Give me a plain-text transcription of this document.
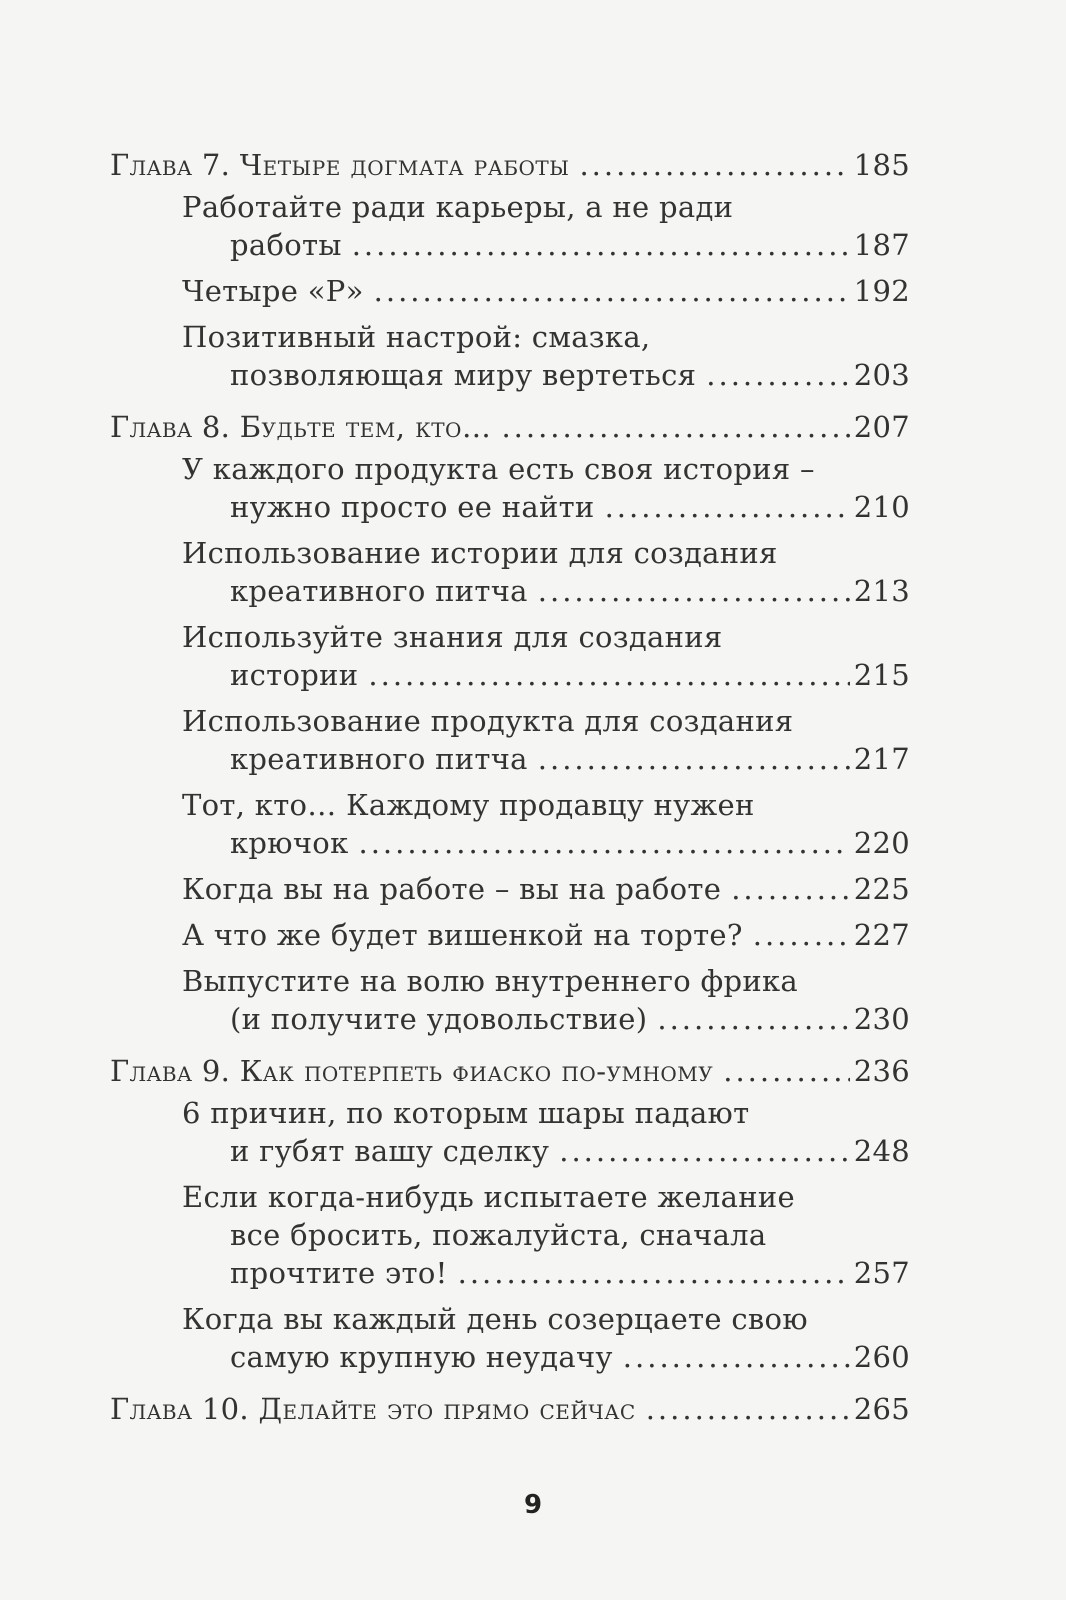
Глава 7. Четыре догмата работы .....	185
Работайте ради карьеры, а не ради
работы .....	187
Четыре «Р» .....	192
Позитивный настрой: смазка,
позволяющая миру вертеться .....	203
Глава 8. Будьте тем, кто… .....	207
У каждого продукта есть своя история –
нужно просто ее найти .....	210
Использование истории для создания
креативного питча .....	213
Используйте знания для создания
истории .....	215
Использование продукта для создания
креативного питча .....	217
Тот, кто… Каждому продавцу нужен
крючок .....	220
Когда вы на работе – вы на работе .....	225
А что же будет вишенкой на торте? .....	227
Выпустите на волю внутреннего фрика
(и получите удовольствие) .....	230
Глава 9. Как потерпеть фиаско по-умному .....	236
6 причин, по которым шары падают
и губят вашу сделку .....	248
Если когда-нибудь испытаете желание
все бросить, пожалуйста, сначала
прочтите это! .....	257
Когда вы каждый день созерцаете свою
самую крупную неудачу .....	260
Глава 10. Делайте это прямо сейчас .....	265
9
